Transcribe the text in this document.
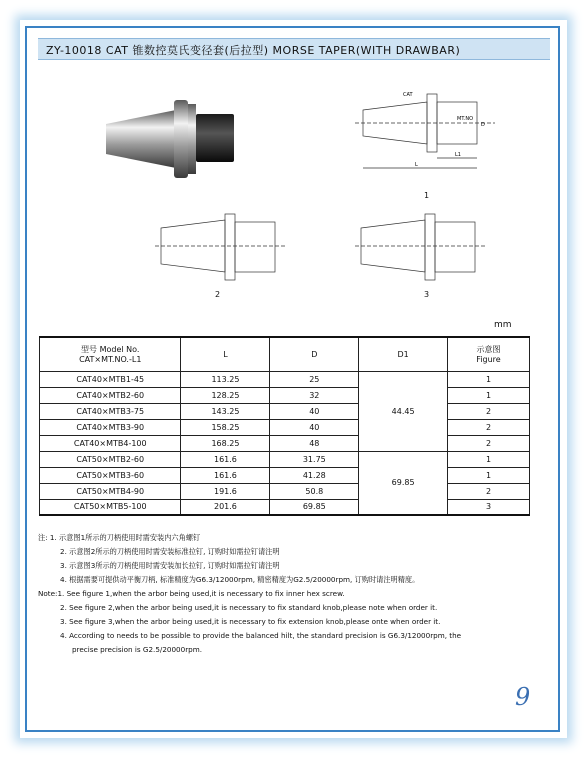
ZY-10018 CAT 锥数控莫氏变径套(后拉型) MORSE TAPER(WITH DRAWBAR)
CAT
MT.NO
D
L1
L
1
2	3
mm
型号 Model No.
CAT×MT.NO.-L1	L	D	D1	示意图
Figure
CAT40×MTB1-45	113.25	25	44.45	1
CAT40×MTB2-60	128.25	32		1
CAT40×MTB3-75	143.25	40		2
CAT40×MTB3-90	158.25	40		2
CAT40×MTB4-100	168.25	48		2
CAT50×MTB2-60	161.6	31.75	69.85	1
CAT50×MTB3-60	161.6	41.28		1
CAT50×MTB4-90	191.6	50.8		2
CAT50×MTB5-100	201.6	69.85		3
注: 1. 示意图1所示的刀柄使用时需安装内六角螺钉
2. 示意图2所示的刀柄使用时需安装标准拉钉, 订购时如需拉钉请注明
3. 示意图3所示的刀柄使用时需安装加长拉钉, 订购时如需拉钉请注明
4. 根据需要可提供动平衡刀柄, 标准精度为G6.3/12000rpm, 精密精度为G2.5/20000rpm, 订购时请注明精度。
Note:1. See figure 1,when the arbor being used,it is necessary to fix inner hex screw.
2. See figure 2,when the arbor being used,it is necessary to fix standard knob,please note when order it.
3. See figure 3,when the arbor being used,it is necessary to fix extension knob,please onte when order it.
4. According to needs to be possible to provide the balanced hilt, the standard precision is G6.3/12000rpm, the
precise precision is G2.5/20000rpm.
9
